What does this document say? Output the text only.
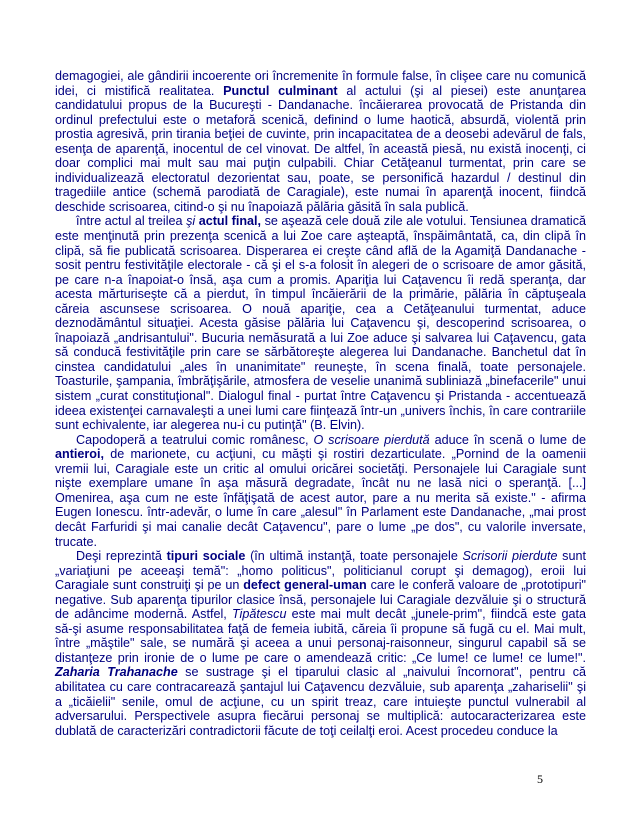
demagogiei, ale gândirii incoerente ori încremenite în formule false, în clişee care nu comunică idei, ci mistifică realitatea. Punctul culminant al actului (şi al piesei) este anunţarea candidatului propus de la Bucureşti - Dandanache. încăierarea provocată de Pristanda din ordinul prefectului este o metaforă scenică, definind o lume haotică, absurdă, violentă prin prostia agresivă, prin tirania beţiei de cuvinte, prin incapacitatea de a deosebi adevărul de fals, esenţa de aparenţă, inocentul de cel vinovat. De altfel, în această piesă, nu există inocenţi, ci doar complici mai mult sau mai puţin culpabili. Chiar Cetăţeanul turmentat, prin care se individualizează electoratul dezorientat sau, poate, se personifică hazardul / destinul din tragediile antice (schemă parodiată de Caragiale), este numai în aparenţă inocent, fiindcă deschide scrisoarea, citind-o şi nu înapoiază pălăria găsită în sala publică.

între actul al treilea şi actul final, se aşează cele două zile ale votului. Tensiunea dramatică este menţinută prin prezenţa scenică a lui Zoe care aşteaptă, înspăimântată, ca, din clipă în clipă, să fie publicată scrisoarea. Disperarea ei creşte când află de la Agamiţă Dandanache - sosit pentru festivităţile electorale - că şi el s-a folosit în alegeri de o scrisoare de amor găsită, pe care n-a înapoiat-o însă, aşa cum a promis. Apariţia lui Caţavencu îi redă speranţa, dar acesta mărturiseşte că a pierdut, în timpul încăierării de la primărie, pălăria în căptuşeala căreia ascunsese scrisoarea. O nouă apariţie, cea a Cetăţeanului turmentat, aduce deznodământul situaţiei. Acesta găsise pălăria lui Caţavencu şi, descoperind scrisoarea, o înapoiază „andrisantului". Bucuria nemăsurată a lui Zoe aduce şi salvarea lui Caţavencu, gata să conducă festivităţile prin care se sărbătoreşte alegerea lui Dandanache. Banchetul dat în cinstea candidatului „ales în unanimitate" reuneşte, în scena finală, toate personajele. Toasturile, şampania, îmbrăţişările, atmosfera de veselie unanimă subliniază „binefacerile" unui sistem „curat constituţional". Dialogul final - purtat între Caţavencu şi Pristanda - accentuează ideea existenţei carnavaleşti a unei lumi care fiinţează într-un „univers închis, în care contrariile sunt echivalente, iar alegerea nu-i cu putinţă" (B. Elvin).

Capodoperă a teatrului comic românesc, O scrisoare pierdută aduce în scenă o lume de antieroi, de marionete, cu acţiuni, cu măşti şi rostiri dezarticulate. „Pornind de la oamenii vremii lui, Caragiale este un critic al omului oricărei societăţi. Personajele lui Caragiale sunt nişte exemplare umane în aşa măsură degradate, încât nu ne lasă nici o speranţă. [...] Omenirea, aşa cum ne este înfăţişată de acest autor, pare a nu merita să existe." - afirma Eugen Ionescu. într-adevăr, o lume în care „alesul" în Parlament este Dandanache, „mai prost decât Farfuridi şi mai canalie decât Caţavencu", pare o lume „pe dos", cu valorile inversate, trucate.

Deşi reprezintă tipuri sociale (în ultimă instanţă, toate personajele Scrisorii pierdute sunt „variaţiuni pe aceeaşi temă": „homo politicus", politicianul corupt şi demagog), eroii lui Caragiale sunt construiţi şi pe un defect general-uman care le conferă valoare de „prototipuri" negative. Sub aparenţa tipurilor clasice însă, personajele lui Caragiale dezvăluie şi o structură de adâncime modernă. Astfel, Tipătescu este mai mult decât „junele-prim", fiindcă este gata să-şi asume responsabilitatea faţă de femeia iubită, căreia îi propune să fugă cu el. Mai mult, între „măştile" sale, se numără şi aceea a unui personaj-raisonneur, singurul capabil să se distanţeze prin ironie de o lume pe care o amendează critic: „Ce lume! ce lume! ce lume!". Zaharia Trahanache se sustrage şi el tiparului clasic al „naivului încornorat", pentru că abilitatea cu care contracarează şantajul lui Caţavencu dezvăluie, sub aparenţa „zahariselii" şi a „ticăielii" senile, omul de acţiune, cu un spirit treaz, care intuieşte punctul vulnerabil al adversarului. Perspectivele asupra fiecărui personaj se multiplică: autocaracterizarea este dublată de caracterizări contradictorii făcute de toţi ceilalţi eroi. Acest procedeu conduce la

5
